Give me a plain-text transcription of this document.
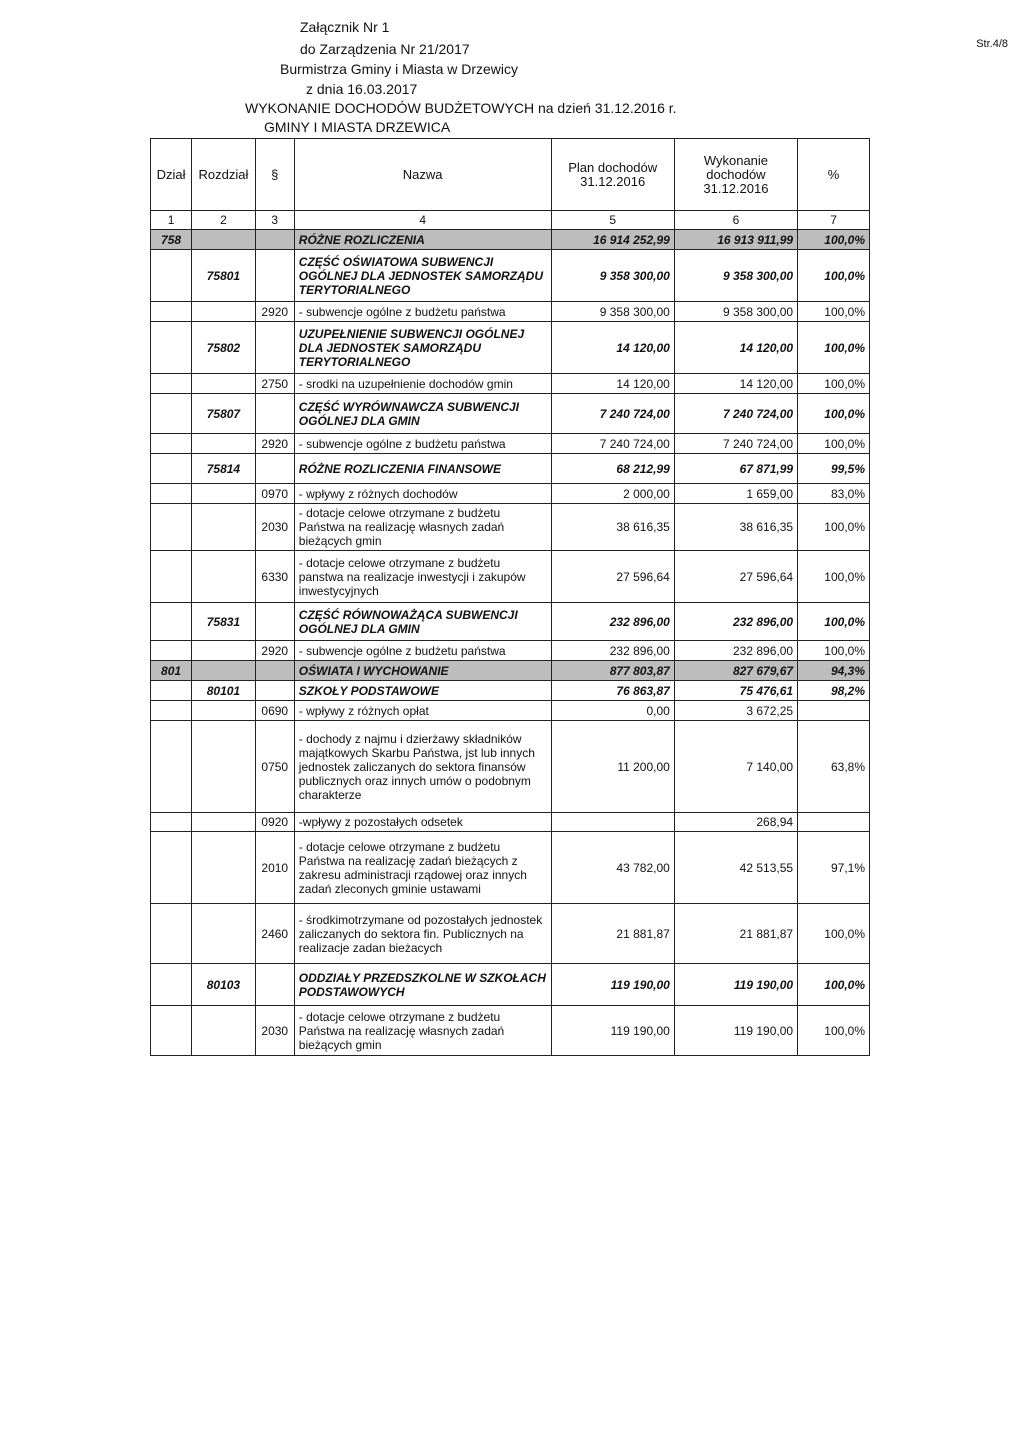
Załącznik Nr 1
do Zarządzenia Nr 21/2017
Burmistrza Gminy i Miasta w Drzewicy
z dnia 16.03.2017
WYKONANIE DOCHODÓW BUDŻETOWYCH na dzień 31.12.2016 r.
GMINY I MIASTA DRZEWICA
Str.4/8
Dział	Rozdział	§	Nazwa	Plan dochodów 31.12.2016	Wykonanie dochodów 31.12.2016	%
1	2	3	4	5	6	7
758			RÓŻNE ROZLICZENIA	16 914 252,99	16 913 911,99	100,0%
	75801		CZĘŚĆ OŚWIATOWA SUBWENCJI OGÓLNEJ DLA JEDNOSTEK SAMORZĄDU TERYTORIALNEGO	9 358 300,00	9 358 300,00	100,0%
		2920	- subwencje ogólne z budżetu państwa	9 358 300,00	9 358 300,00	100,0%
	75802		UZUPEŁNIENIE SUBWENCJI OGÓLNEJ DLA JEDNOSTEK SAMORZĄDU TERYTORIALNEGO	14 120,00	14 120,00	100,0%
		2750	- srodki na uzupełnienie dochodów gmin	14 120,00	14 120,00	100,0%
	75807		CZĘŚĆ WYRÓWNAWCZA SUBWENCJI OGÓLNEJ DLA GMIN	7 240 724,00	7 240 724,00	100,0%
		2920	- subwencje ogólne z budżetu państwa	7 240 724,00	7 240 724,00	100,0%
	75814		RÓŻNE ROZLICZENIA FINANSOWE	68 212,99	67 871,99	99,5%
		0970	- wpływy z różnych dochodów	2 000,00	1 659,00	83,0%
		2030	- dotacje celowe otrzymane z budżetu Państwa na realizację własnych zadań bieżących gmin	38 616,35	38 616,35	100,0%
		6330	- dotacje celowe otrzymane z budżetu panstwa na realizacje inwestycji i zakupów inwestycyjnych	27 596,64	27 596,64	100,0%
	75831		CZĘŚĆ RÓWNOWAŻĄCA SUBWENCJI OGÓLNEJ DLA GMIN	232 896,00	232 896,00	100,0%
		2920	- subwencje ogólne z budżetu państwa	232 896,00	232 896,00	100,0%
801			OŚWIATA I WYCHOWANIE	877 803,87	827 679,67	94,3%
	80101		SZKOŁY PODSTAWOWE	76 863,87	75 476,61	98,2%
		0690	- wpływy z różnych opłat	0,00	3 672,25	
		0750	- dochody z najmu i dzierżawy składników majątkowych Skarbu Państwa, jst lub innych jednostek zaliczanych do sektora finansów publicznych oraz innych umów o podobnym charakterze	11 200,00	7 140,00	63,8%
		0920	-wpływy z pozostałych odsetek		268,94	
		2010	- dotacje celowe otrzymane z budżetu Państwa na realizację zadań bieżących z zakresu administracji rządowej oraz innych zadań zleconych gminie ustawami	43 782,00	42 513,55	97,1%
		2460	- środkimotrzymane od pozostałych jednostek zaliczanych do sektora fin. Publicznych na realizacje zadan bieżacych	21 881,87	21 881,87	100,0%
	80103		ODDZIAŁY PRZEDSZKOLNE W SZKOŁACH PODSTAWOWYCH	119 190,00	119 190,00	100,0%
		2030	- dotacje celowe otrzymane z budżetu Państwa na realizację własnych zadań bieżących gmin	119 190,00	119 190,00	100,0%
